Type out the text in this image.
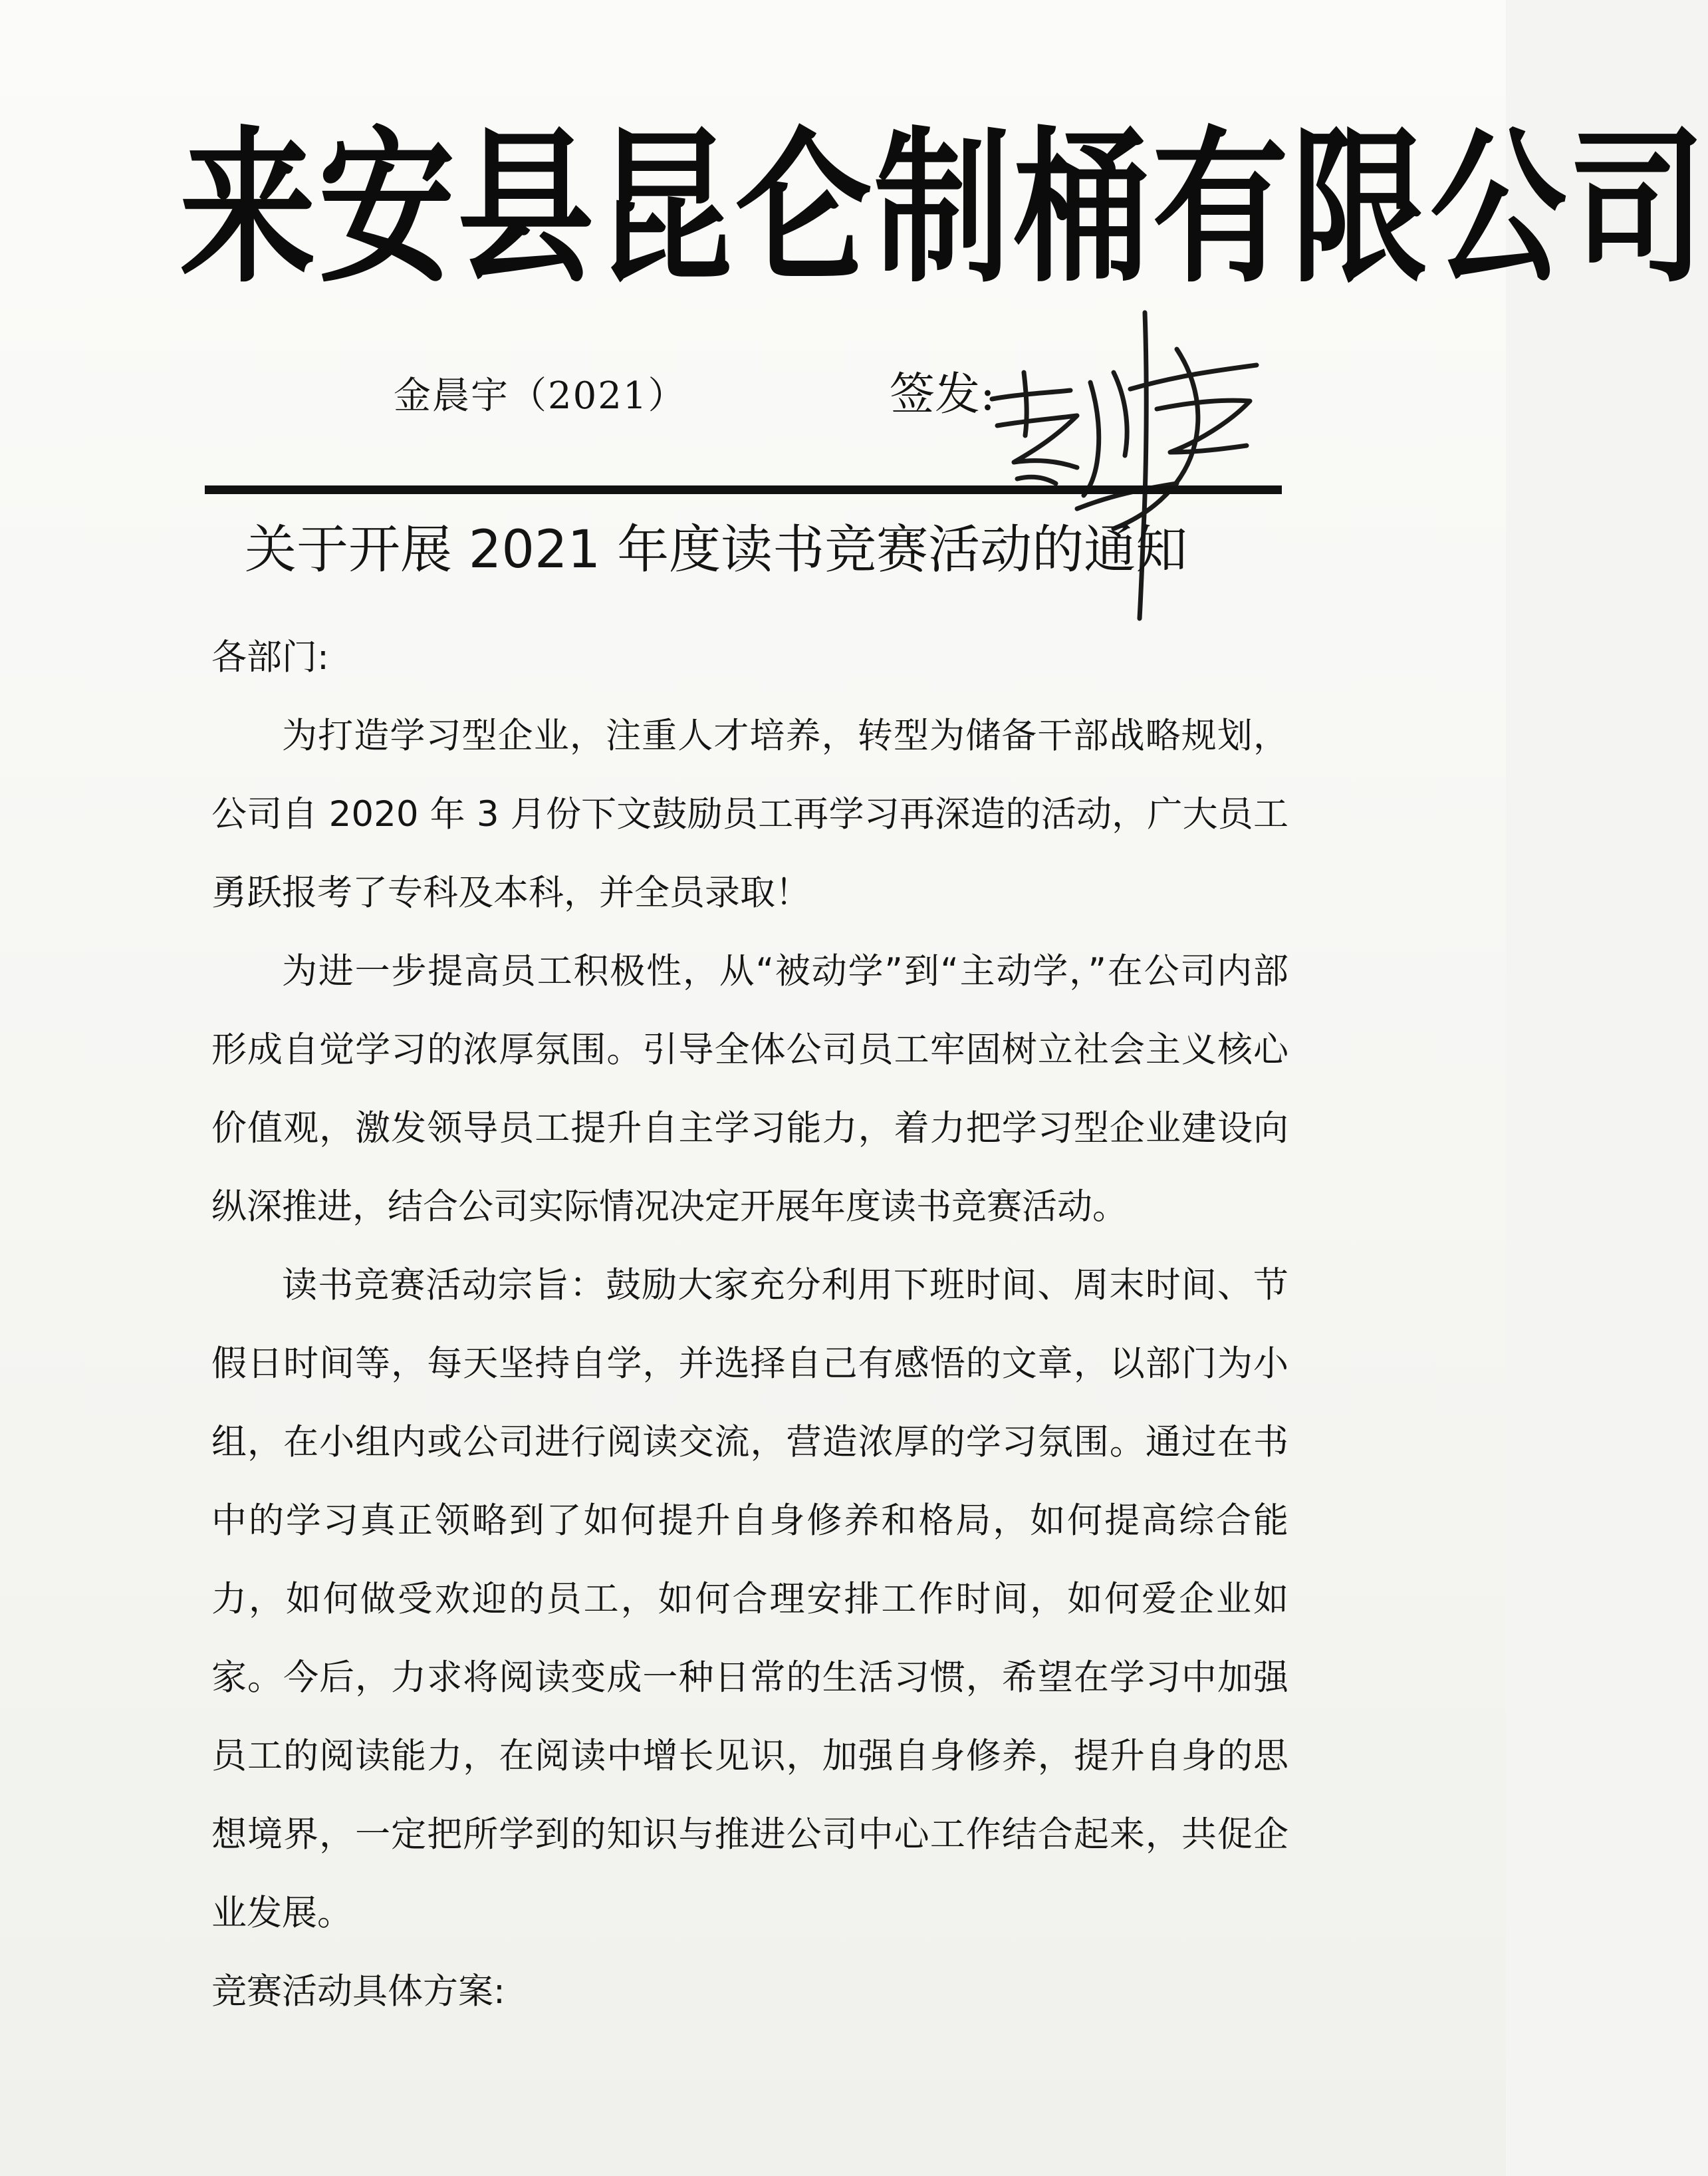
来安县昆仑制桶有限公司
金晨宇（2021）	签发:
关于开展 2021 年度读书竞赛活动的通知

各部门:

为打造学习型企业，注重人才培养，转型为储备干部战略规划，公司自 2020 年 3 月份下文鼓励员工再学习再深造的活动，广大员工勇跃报考了专科及本科，并全员录取！

为进一步提高员工积极性，从“被动学”到“主动学，”在公司内部形成自觉学习的浓厚氛围。引导全体公司员工牢固树立社会主义核心价值观，激发领导员工提升自主学习能力，着力把学习型企业建设向纵深推进，结合公司实际情况决定开展年度读书竞赛活动。

读书竞赛活动宗旨：鼓励大家充分利用下班时间、周末时间、节假日时间等，每天坚持自学，并选择自己有感悟的文章，以部门为小组，在小组内或公司进行阅读交流，营造浓厚的学习氛围。通过在书中的学习真正领略到了如何提升自身修养和格局，如何提高综合能力，如何做受欢迎的员工，如何合理安排工作时间，如何爱企业如家。今后，力求将阅读变成一种日常的生活习惯，希望在学习中加强员工的阅读能力，在阅读中增长见识，加强自身修养，提升自身的思想境界，一定把所学到的知识与推进公司中心工作结合起来，共促企业发展。

竞赛活动具体方案:
